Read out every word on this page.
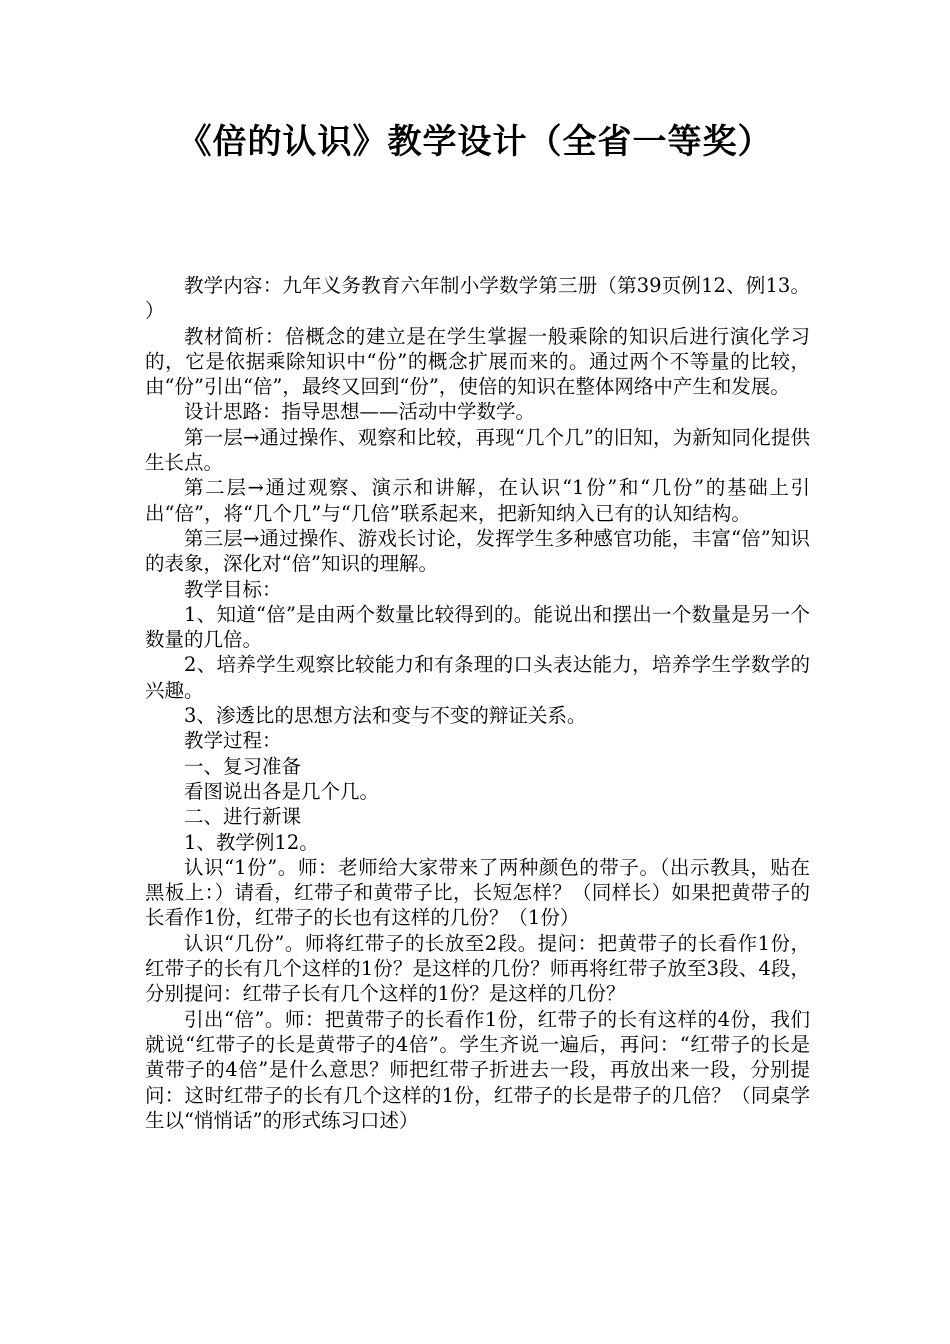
《倍的认识》教学设计（全省一等奖）

教学内容：九年义务教育六年制小学数学第三册（第39页例12、例13。 ）

教材简析：倍概念的建立是在学生掌握一般乘除的知识后进行演化学习的，它是依据乘除知识中“份”的概念扩展而来的。通过两个不等量的比较，由“份”引出“倍”，最终又回到“份”，使倍的知识在整体网络中产生和发展。

设计思路：指导思想——活动中学数学。

第一层→通过操作、观察和比较，再现“几个几”的旧知，为新知同化提供生长点。

第二层→通过观察、演示和讲解，在认识“1份”和“几份”的基础上引出“倍”，将“几个几”与“几倍”联系起来，把新知纳入已有的认知结构。

第三层→通过操作、游戏长讨论，发挥学生多种感官功能，丰富“倍”知识的表象，深化对“倍”知识的理解。

教学目标：

1、知道“倍”是由两个数量比较得到的。能说出和摆出一个数量是另一个数量的几倍。

2、培养学生观察比较能力和有条理的口头表达能力，培养学生学数学的兴趣。

3、渗透比的思想方法和变与不变的辩证关系。

教学过程：

一、复习准备

看图说出各是几个几。

二、进行新课

1、教学例12。

认识“1份”。师：老师给大家带来了两种颜色的带子。（出示教具，贴在黑板上：）请看，红带子和黄带子比，长短怎样？（同样长）如果把黄带子的长看作1份，红带子的长也有这样的几份？（1份）

认识“几份”。师将红带子的长放至2段。提问：把黄带子的长看作1份，红带子的长有几个这样的1份？是这样的几份？师再将红带子放至3段、4段，分别提问：红带子长有几个这样的1份？是这样的几份？

引出“倍”。师：把黄带子的长看作1份，红带子的长有这样的4份，我们就说“红带子的长是黄带子的4倍”。学生齐说一遍后，再问：“红带子的长是黄带子的4倍”是什么意思？师把红带子折进去一段，再放出来一段，分别提问：这时红带子的长有几个这样的1份，红带子的长是带子的几倍？（同桌学生以“悄悄话”的形式练习口述）
